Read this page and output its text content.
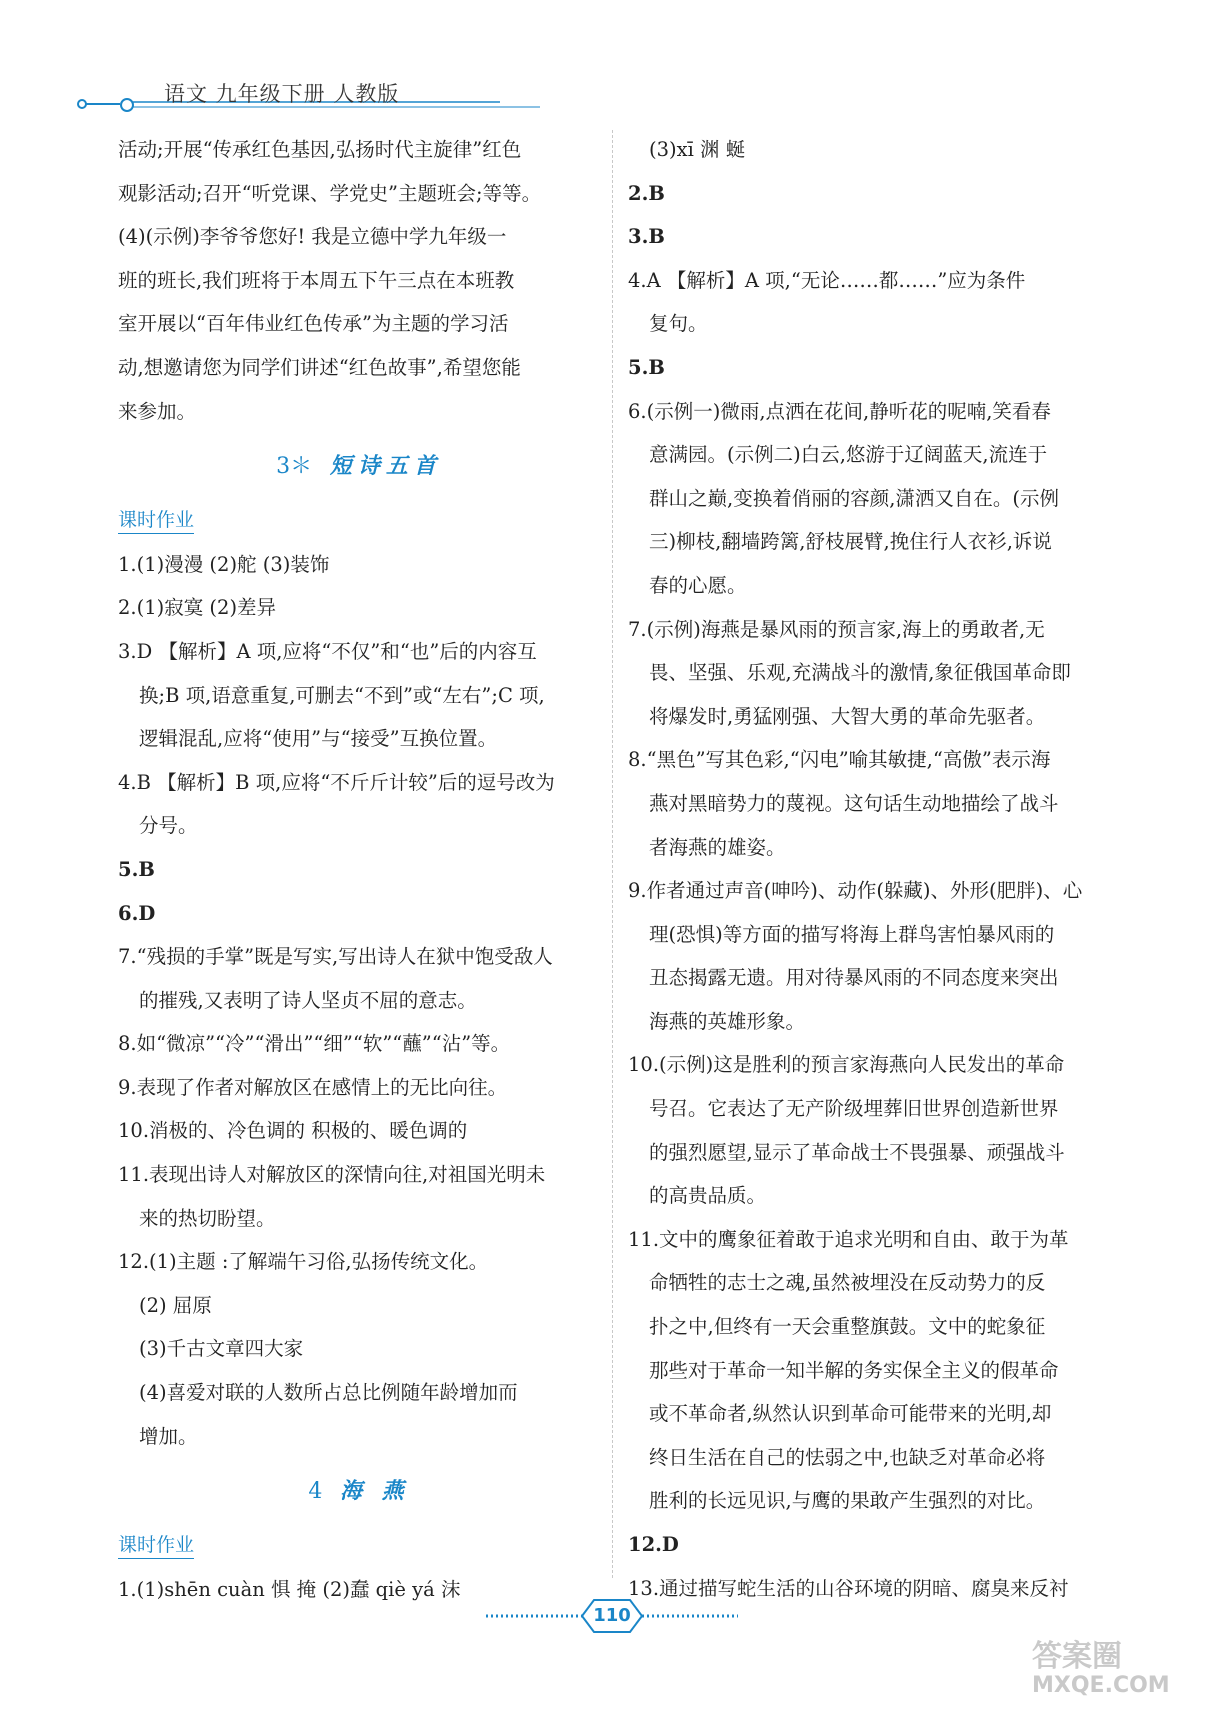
语文 九年级下册 人教版
活动;开展“传承红色基因,弘扬时代主旋律”红色
观影活动;召开“听党课、学党史”主题班会;等等。
(4)(示例)李爷爷您好! 我是立德中学九年级一
班的班长,我们班将于本周五下午三点在本班教
室开展以“百年伟业红色传承”为主题的学习活
动,想邀请您为同学们讲述“红色故事”,希望您能
来参加。
3＊ 短诗五首
课时作业
1.(1)漫漫 (2)舵 (3)装饰
2.(1)寂寞 (2)差异
3.D 【解析】A 项,应将“不仅”和“也”后的内容互
换;B 项,语意重复,可删去“不到”或“左右”;C 项,
逻辑混乱,应将“使用”与“接受”互换位置。
4.B 【解析】B 项,应将“不斤斤计较”后的逗号改为
分号。
5.B
6.D
7.“残损的手掌”既是写实,写出诗人在狱中饱受敌人
的摧残,又表明了诗人坚贞不屈的意志。
8.如“微凉”“冷”“滑出”“细”“软”“蘸”“沾”等。
9.表现了作者对解放区在感情上的无比向往。
10.消极的、冷色调的 积极的、暖色调的
11.表现出诗人对解放区的深情向往,对祖国光明未
来的热切盼望。
12.(1)主题 :了解端午习俗,弘扬传统文化。
(2) 屈原
(3)千古文章四大家
(4)喜爱对联的人数所占总比例随年龄增加而
增加。
4 海 燕
课时作业
1.(1)shēn cuàn 惧 掩 (2)蠢 qiè yá 沫
(3)xī 渊 蜒
2.B
3.B
4.A 【解析】A 项,“无论……都……”应为条件
复句。
5.B
6.(示例一)微雨,点洒在花间,静听花的呢喃,笑看春
意满园。(示例二)白云,悠游于辽阔蓝天,流连于
群山之巅,变换着俏丽的容颜,潇洒又自在。(示例
三)柳枝,翻墙跨篱,舒枝展臂,挽住行人衣衫,诉说
春的心愿。
7.(示例)海燕是暴风雨的预言家,海上的勇敢者,无
畏、坚强、乐观,充满战斗的激情,象征俄国革命即
将爆发时,勇猛刚强、大智大勇的革命先驱者。
8.“黑色”写其色彩,“闪电”喻其敏捷,“高傲”表示海
燕对黑暗势力的蔑视。这句话生动地描绘了战斗
者海燕的雄姿。
9.作者通过声音(呻吟)、动作(躲藏)、外形(肥胖)、心
理(恐惧)等方面的描写将海上群鸟害怕暴风雨的
丑态揭露无遗。用对待暴风雨的不同态度来突出
海燕的英雄形象。
10.(示例)这是胜利的预言家海燕向人民发出的革命
号召。它表达了无产阶级埋葬旧世界创造新世界
的强烈愿望,显示了革命战士不畏强暴、顽强战斗
的高贵品质。
11.文中的鹰象征着敢于追求光明和自由、敢于为革
命牺牲的志士之魂,虽然被埋没在反动势力的反
扑之中,但终有一天会重整旗鼓。文中的蛇象征
那些对于革命一知半解的务实保全主义的假革命
或不革命者,纵然认识到革命可能带来的光明,却
终日生活在自己的怯弱之中,也缺乏对革命必将
胜利的长远见识,与鹰的果敢产生强烈的对比。
12.D
13.通过描写蛇生活的山谷环境的阴暗、腐臭来反衬
110
答案圈
MXQE.COM
